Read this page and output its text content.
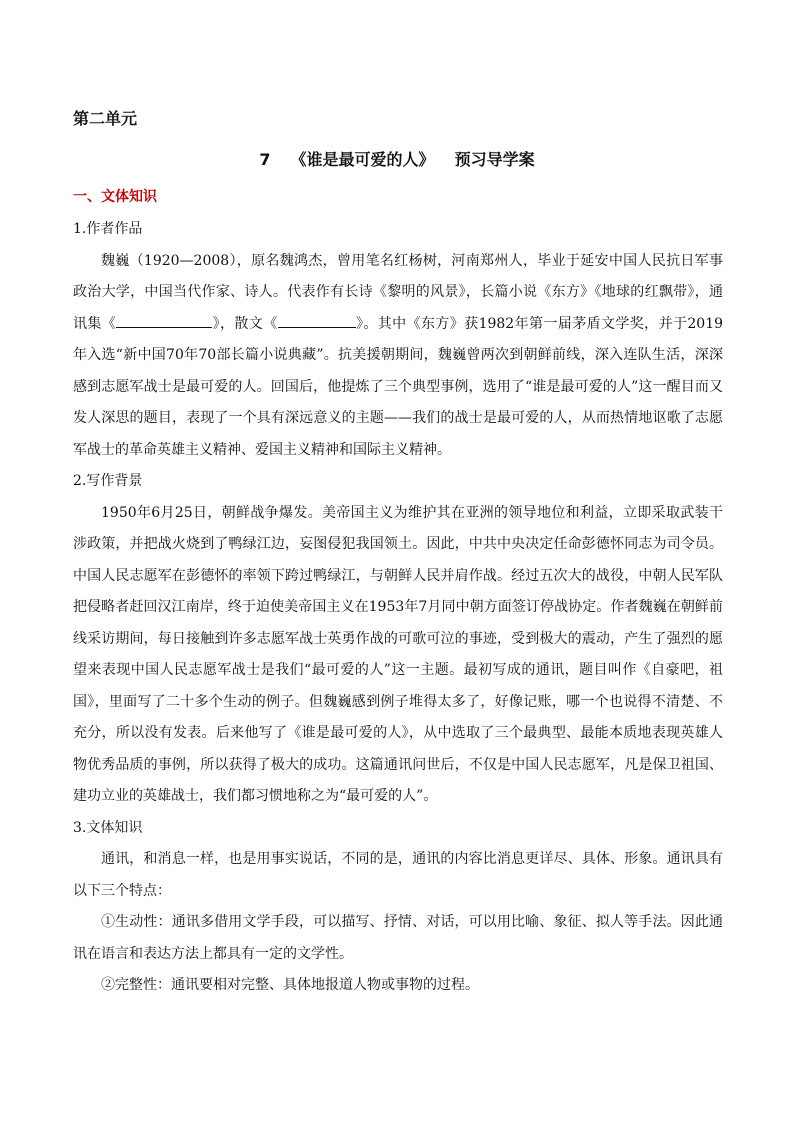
第二单元
7 《谁是最可爱的人》 预习导学案
一、文体知识

1.作者作品

魏巍（1920—2008），原名魏鸿杰，曾用笔名红杨树，河南郑州人，毕业于延安中国人民抗日军事政治大学，中国当代作家、诗人。代表作有长诗《黎明的风景》，长篇小说《东方》《地球的红飘带》，通讯集《	》，散文《	》。其中《东方》获1982年第一届茅盾文学奖，并于2019年入选“新中国70年70部长篇小说典藏”。抗美援朝期间，魏巍曾两次到朝鲜前线，深入连队生活，深深感到志愿军战士是最可爱的人。回国后，他提炼了三个典型事例，选用了“谁是最可爱的人”这一醒目而又发人深思的题目，表现了一个具有深远意义的主题——我们的战士是最可爱的人，从而热情地讴歌了志愿军战士的革命英雄主义精神、爱国主义精神和国际主义精神。

2.写作背景

1950年6月25日，朝鲜战争爆发。美帝国主义为维护其在亚洲的领导地位和利益，立即采取武装干涉政策，并把战火烧到了鸭绿江边，妄图侵犯我国领土。因此，中共中央决定任命彭德怀同志为司令员。中国人民志愿军在彭德怀的率领下跨过鸭绿江，与朝鲜人民并肩作战。经过五次大的战役，中朝人民军队把侵略者赶回汉江南岸，终于迫使美帝国主义在1953年7月同中朝方面签订停战协定。作者魏巍在朝鲜前线采访期间，每日接触到许多志愿军战士英勇作战的可歌可泣的事迹，受到极大的震动，产生了强烈的愿望来表现中国人民志愿军战士是我们“最可爱的人”这一主题。最初写成的通讯，题目叫作《自豪吧，祖国》，里面写了二十多个生动的例子。但魏巍感到例子堆得太多了，好像记账，哪一个也说得不清楚、不充分，所以没有发表。后来他写了《谁是最可爱的人》，从中选取了三个最典型、最能本质地表现英雄人物优秀品质的事例，所以获得了极大的成功。这篇通讯问世后，不仅是中国人民志愿军，凡是保卫祖国、建功立业的英雄战士，我们都习惯地称之为“最可爱的人”。

3.文体知识

通讯，和消息一样，也是用事实说话，不同的是，通讯的内容比消息更详尽、具体、形象。通讯具有以下三个特点：

①生动性：通讯多借用文学手段，可以描写、抒情、对话，可以用比喻、象征、拟人等手法。因此通讯在语言和表达方法上都具有一定的文学性。

②完整性：通讯要相对完整、具体地报道人物或事物的过程。
